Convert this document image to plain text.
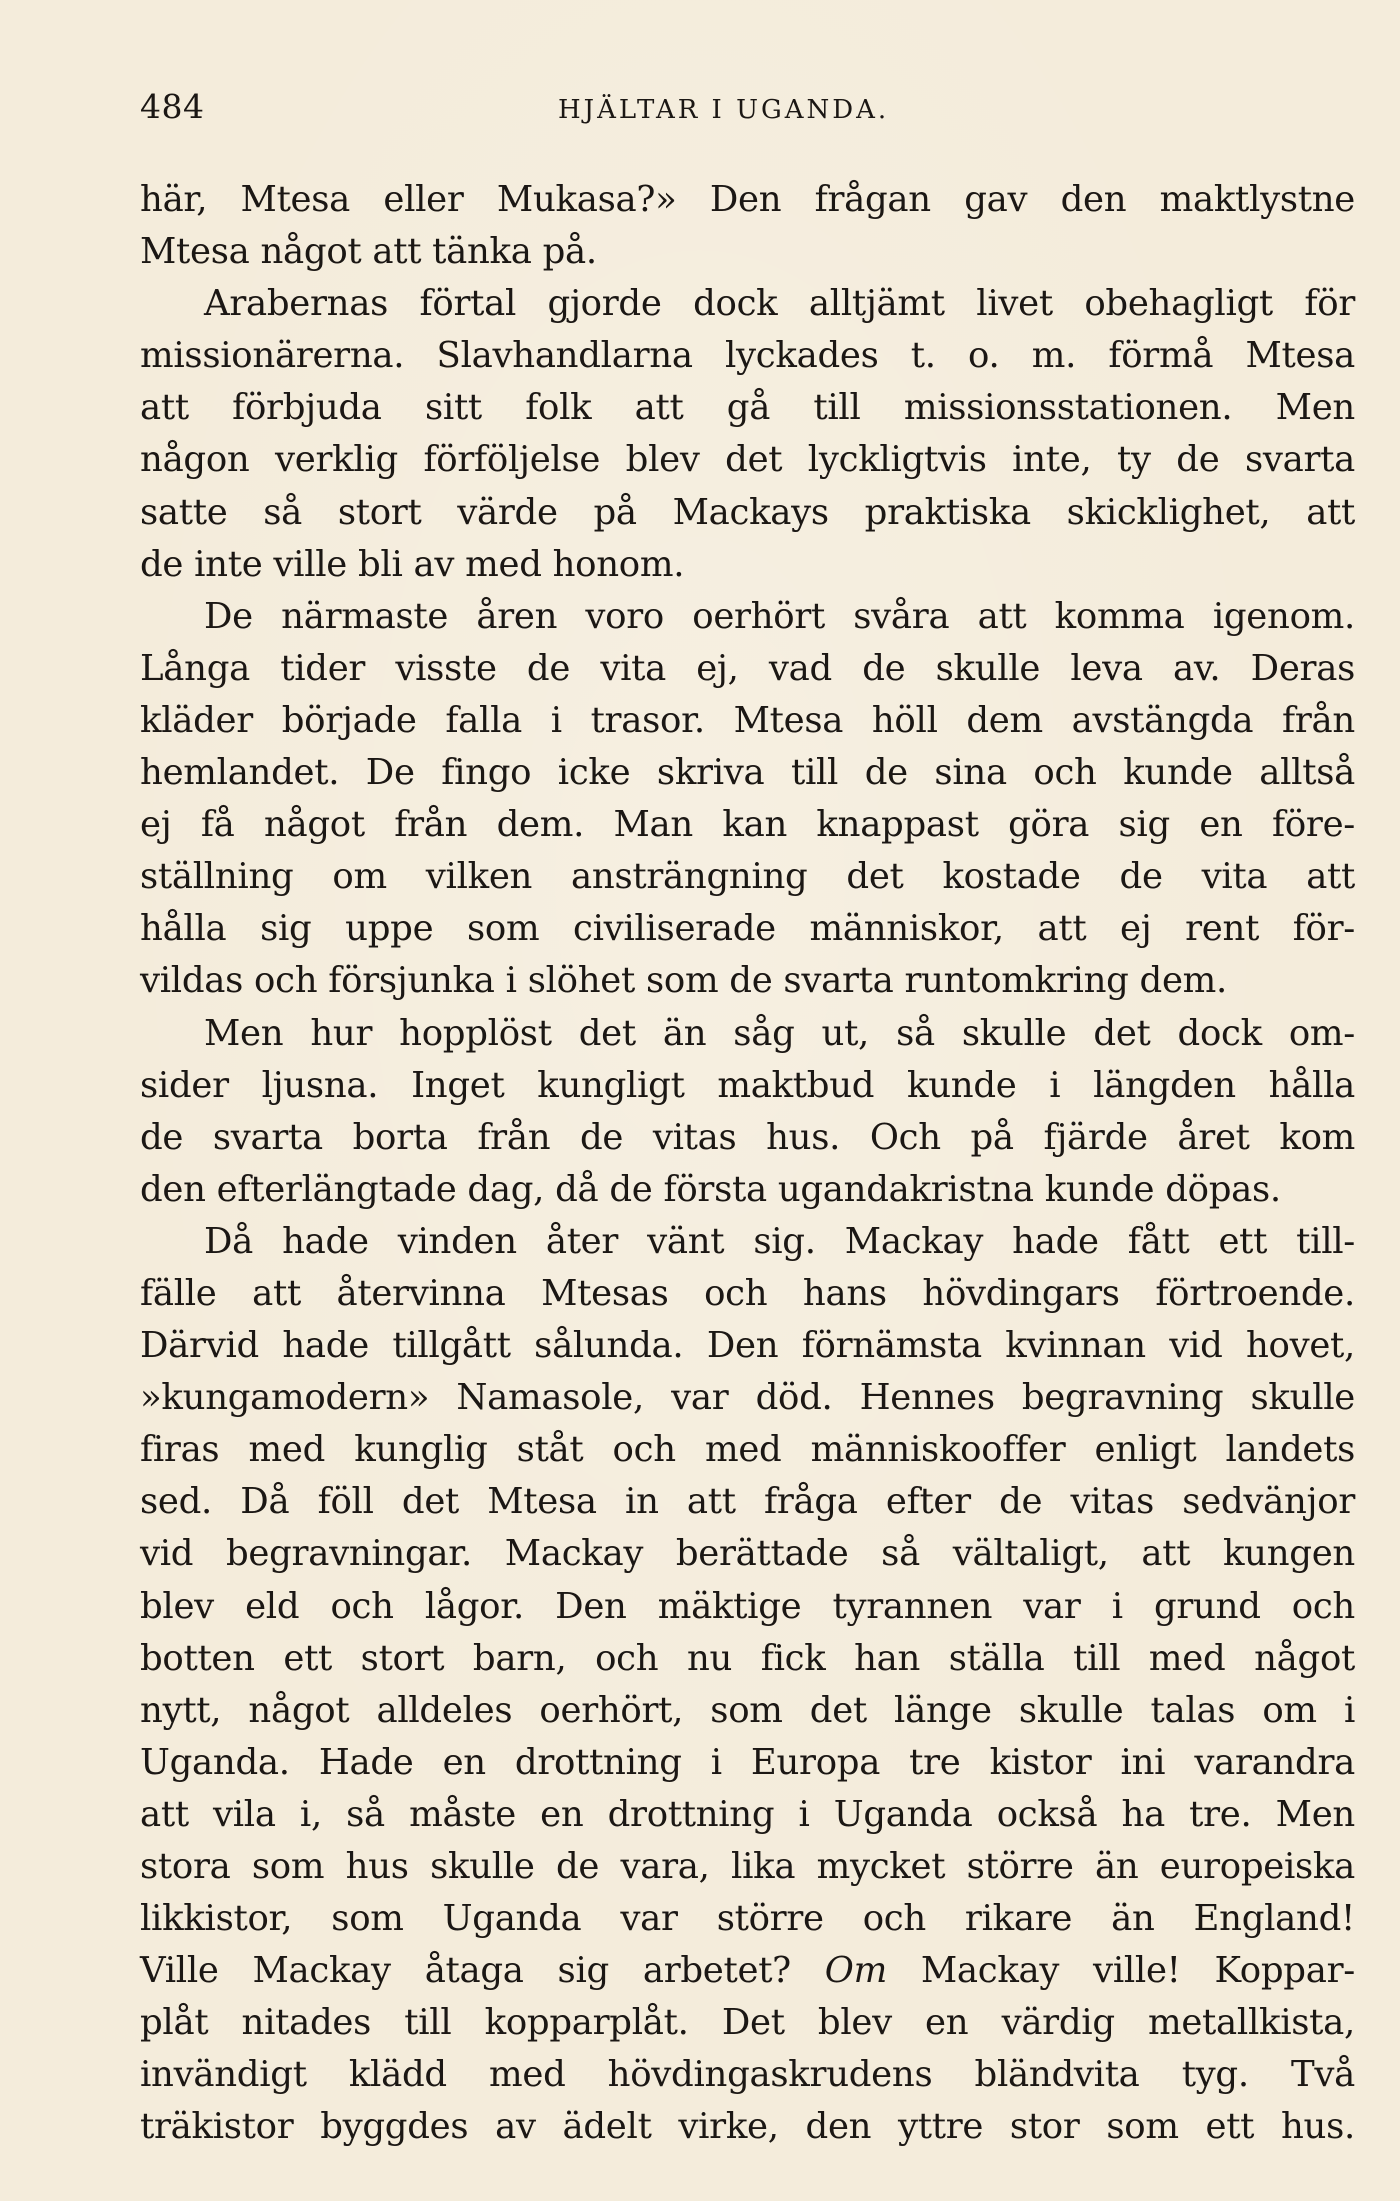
484	HJÄLTAR I UGANDA.
här, Mtesa eller Mukasa?» Den frågan gav den maktlystne
Mtesa något att tänka på.
Arabernas förtal gjorde dock alltjämt livet obehagligt för
missionärerna. Slavhandlarna lyckades t. o. m. förmå Mtesa
att förbjuda sitt folk att gå till missionsstationen. Men
någon verklig förföljelse blev det lyckligtvis inte, ty de svarta
satte så stort värde på Mackays praktiska skicklighet, att
de inte ville bli av med honom.
De närmaste åren voro oerhört svåra att komma igenom.
Långa tider visste de vita ej, vad de skulle leva av. Deras
kläder började falla i trasor. Mtesa höll dem avstängda från
hemlandet. De fingo icke skriva till de sina och kunde alltså
ej få något från dem. Man kan knappast göra sig en före-
ställning om vilken ansträngning det kostade de vita att
hålla sig uppe som civiliserade människor, att ej rent för-
vildas och försjunka i slöhet som de svarta runtomkring dem.
Men hur hopplöst det än såg ut, så skulle det dock om-
sider ljusna. Inget kungligt maktbud kunde i längden hålla
de svarta borta från de vitas hus. Och på fjärde året kom
den efterlängtade dag, då de första ugandakristna kunde döpas.
Då hade vinden åter vänt sig. Mackay hade fått ett till-
fälle att återvinna Mtesas och hans hövdingars förtroende.
Därvid hade tillgått sålunda. Den förnämsta kvinnan vid hovet,
»kungamodern» Namasole, var död. Hennes begravning skulle
firas med kunglig ståt och med människooffer enligt landets
sed. Då föll det Mtesa in att fråga efter de vitas sedvänjor
vid begravningar. Mackay berättade så vältaligt, att kungen
blev eld och lågor. Den mäktige tyrannen var i grund och
botten ett stort barn, och nu fick han ställa till med något
nytt, något alldeles oerhört, som det länge skulle talas om i
Uganda. Hade en drottning i Europa tre kistor ini varandra
att vila i, så måste en drottning i Uganda också ha tre. Men
stora som hus skulle de vara, lika mycket större än europeiska
likkistor, som Uganda var större och rikare än England!
Ville Mackay åtaga sig arbetet? Om Mackay ville! Koppar-
plåt nitades till kopparplåt. Det blev en värdig metallkista,
invändigt klädd med hövdingaskrudens bländvita tyg. Två
träkistor byggdes av ädelt virke, den yttre stor som ett hus.
